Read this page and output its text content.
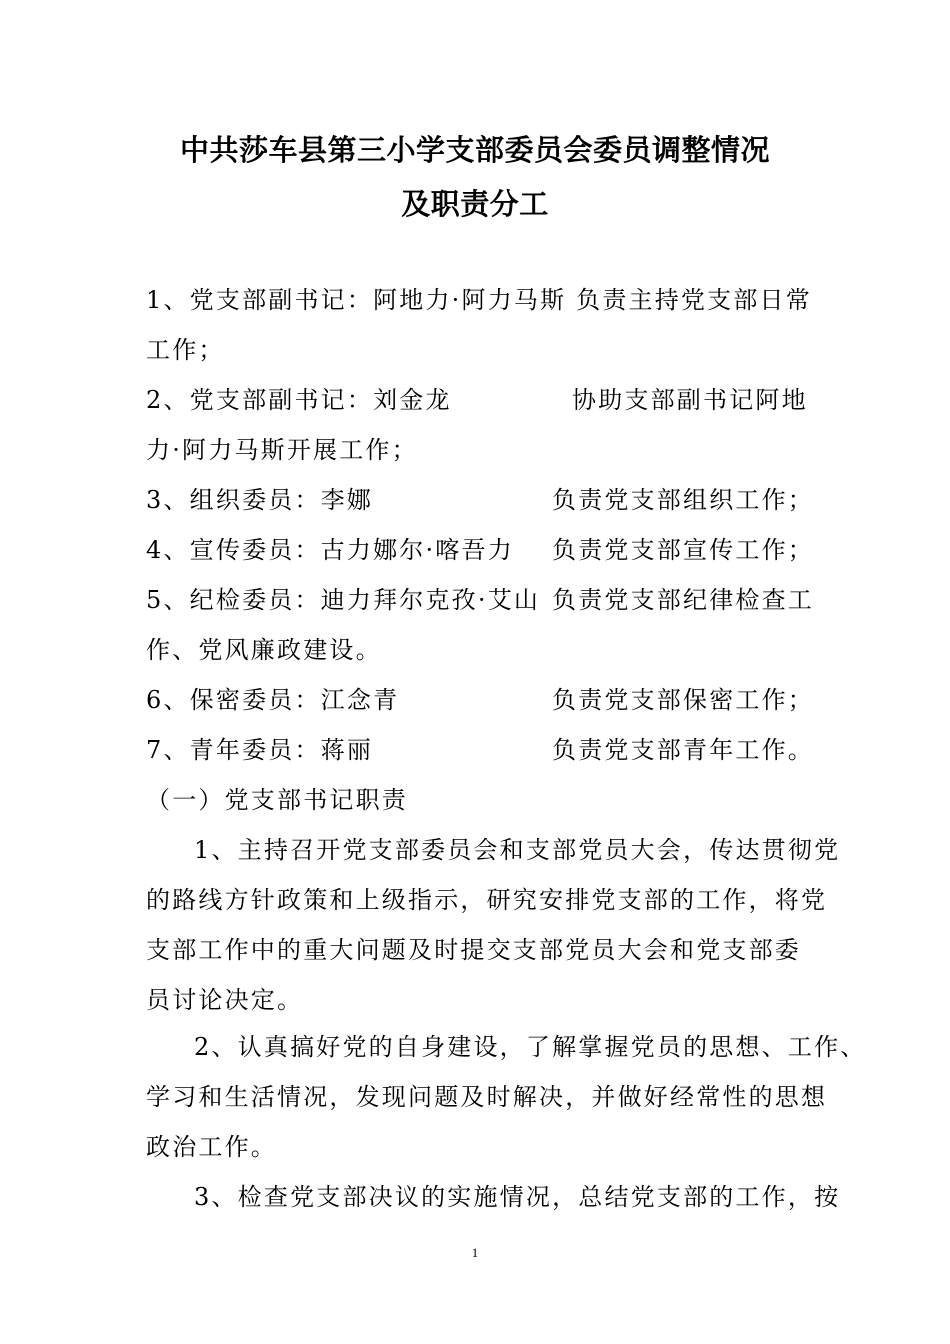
中共莎车县第三小学支部委员会委员调整情况
及职责分工
1、党支部副书记：阿地力·阿力马斯 负责主持党支部日常
工作；
2、党支部副书记：刘金龙	协助支部副书记阿地
力·阿力马斯开展工作；
3、组织委员：李娜	负责党支部组织工作；
4、宣传委员：古力娜尔·喀吾力 负责党支部宣传工作；
5、纪检委员：迪力拜尔克孜·艾山 负责党支部纪律检查工
作、党风廉政建设。
6、保密委员：江念青	负责党支部保密工作；
7、青年委员：蒋丽	负责党支部青年工作。
（一）党支部书记职责
1、主持召开党支部委员会和支部党员大会，传达贯彻党
的路线方针政策和上级指示，研究安排党支部的工作，将党
支部工作中的重大问题及时提交支部党员大会和党支部委
员讨论决定。
2、认真搞好党的自身建设，了解掌握党员的思想、工作、
学习和生活情况，发现问题及时解决，并做好经常性的思想
政治工作。
3、检查党支部决议的实施情况，总结党支部的工作，按
1
